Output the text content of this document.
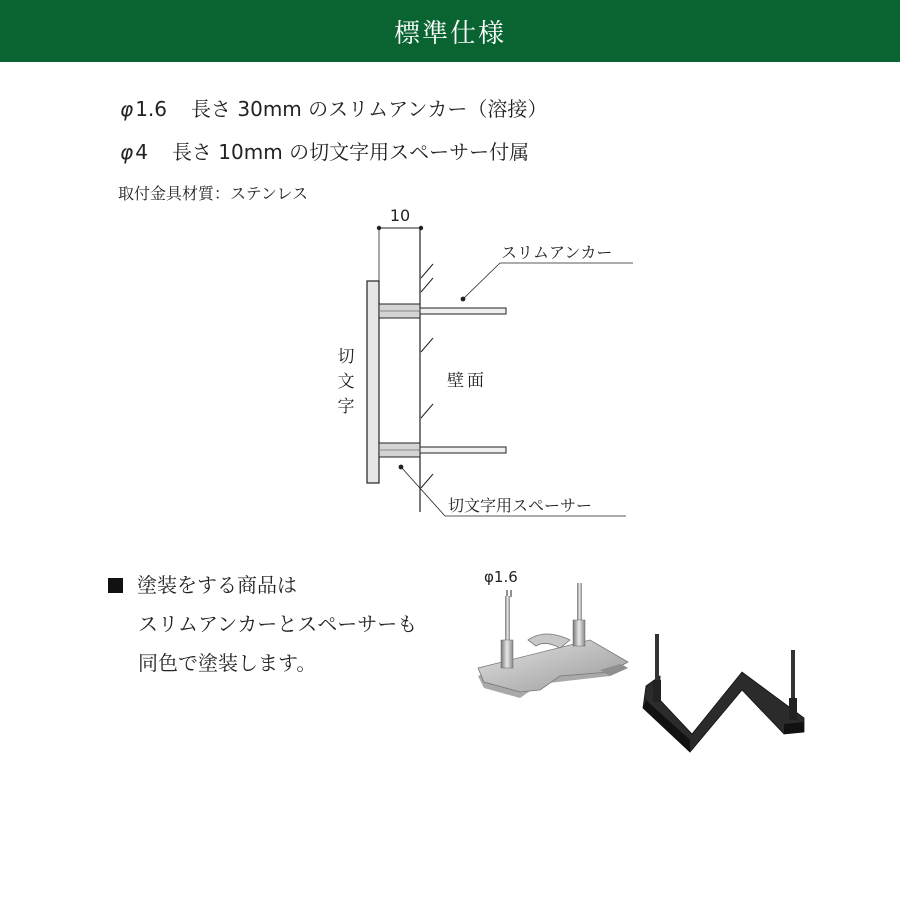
標準仕様
φ 1.6 長さ 30mm のスリムアンカー（溶接）
φ 4 長さ 10mm の切文字用スペーサー付属
取付金具材質：ステンレス
10
スリムアンカー
壁面
切
文
字
切文字用スペーサー
塗装をする商品は
スリムアンカーとスペーサーも
同色で塗装します。
φ1.6
